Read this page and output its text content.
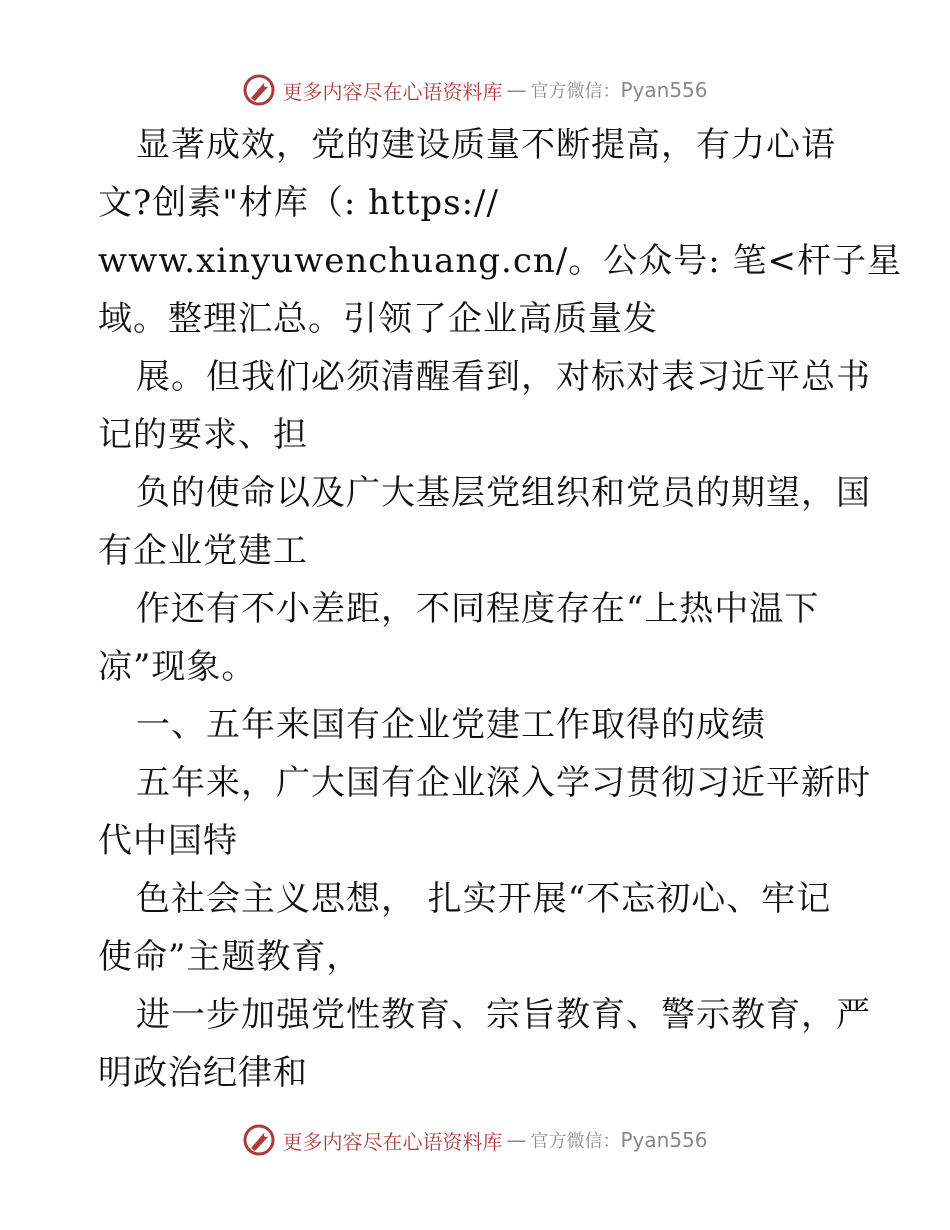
更多内容尽在心语资料库 — 官方微信： Pyan556
显著成效，党的建设质量不断提高，有力心语
文?创素"材库（: https://
www.xinyuwenchuang.cn/。公众号: 笔<杆子星
域。整理汇总。引领了企业高质量发
展。但我们必须清醒看到，对标对表习近平总书
记的要求、担
负的使命以及广大基层党组织和党员的期望，国
有企业党建工
作还有不小差距，不同程度存在“上热中温下
凉”现象。
一、五年来国有企业党建工作取得的成绩
五年来，广大国有企业深入学习贯彻习近平新时
代中国特
色社会主义思想， 扎实开展“不忘初心、牢记
使命”主题教育，
进一步加强党性教育、宗旨教育、警示教育，严
明政治纪律和
更多内容尽在心语资料库 — 官方微信： Pyan556
